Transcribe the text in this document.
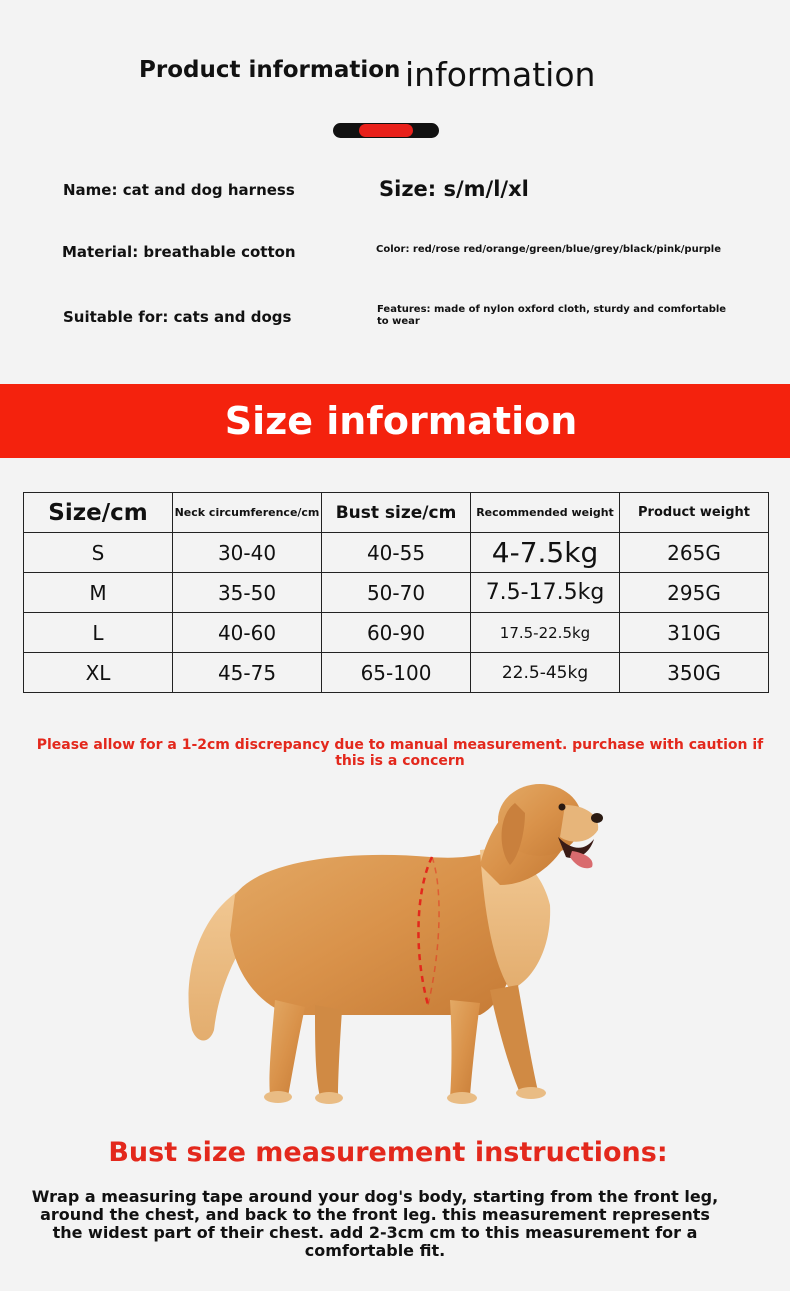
Product information information
Name: cat and dog harness	Size: s/m/l/xl
Material: breathable cotton	Color: red/rose red/orange/green/blue/grey/black/pink/purple
Suitable for: cats and dogs	Features: made of nylon oxford cloth, sturdy and comfortable to wear
Size information
Size/cm	Neck circumference/cm	Bust size/cm	Recommended weight	Product weight
S	30-40	40-55	4-7.5kg	265G
M	35-50	50-70	7.5-17.5kg	295G
L	40-60	60-90	17.5-22.5kg	310G
XL	45-75	65-100	22.5-45kg	350G
Please allow for a 1-2cm discrepancy due to manual measurement. purchase with caution if this is a concern
Bust size measurement instructions:
Wrap a measuring tape around your dog's body, starting from the front leg, around the chest, and back to the front leg. this measurement represents the widest part of their chest. add 2-3cm cm to this measurement for a comfortable fit.
